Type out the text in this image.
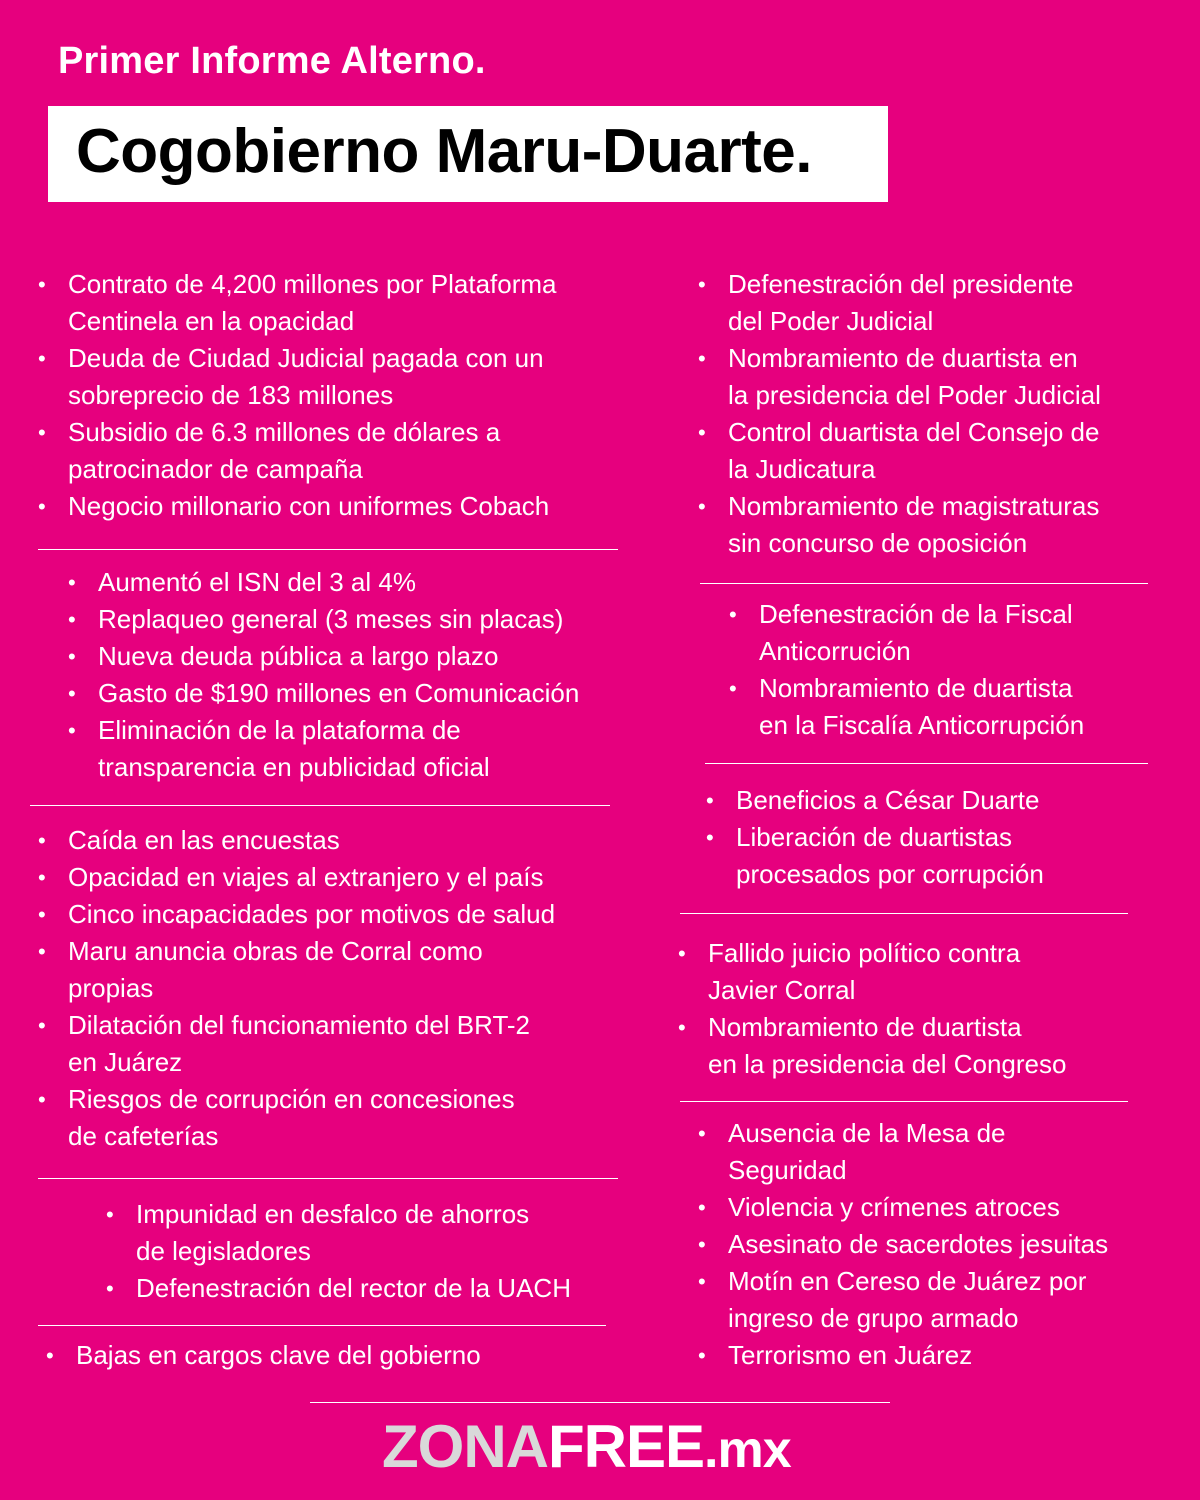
Primer Informe Alterno.
Cogobierno Maru-Duarte.
• Contrato de 4,200 millones por Plataforma
Centinela en la opacidad
• Deuda de Ciudad Judicial pagada con un
sobreprecio de 183 millones
• Subsidio de 6.3 millones de dólares a
patrocinador de campaña
• Negocio millonario con uniformes Cobach
• Aumentó el ISN del 3 al 4%
• Replaqueo general (3 meses sin placas)
• Nueva deuda pública a largo plazo
• Gasto de $190 millones en Comunicación
• Eliminación de la plataforma de
transparencia en publicidad oficial
• Caída en las encuestas
• Opacidad en viajes al extranjero y el país
• Cinco incapacidades por motivos de salud
• Maru anuncia obras de Corral como
propias
• Dilatación del funcionamiento del BRT-2
en Juárez
• Riesgos de corrupción en concesiones
de cafeterías
• Impunidad en desfalco de ahorros
de legisladores
• Defenestración del rector de la UACH
• Bajas en cargos clave del gobierno
• Defenestración del presidente
del Poder Judicial
• Nombramiento de duartista en
la presidencia del Poder Judicial
• Control duartista del Consejo de
la Judicatura
• Nombramiento de magistraturas
sin concurso de oposición
• Defenestración de la Fiscal
Anticorrución
• Nombramiento de duartista
en la Fiscalía Anticorrupción
• Beneficios a César Duarte
• Liberación de duartistas
procesados por corrupción
• Fallido juicio político contra
Javier Corral
• Nombramiento de duartista
en la presidencia del Congreso
• Ausencia de la Mesa de
Seguridad
• Violencia y crímenes atroces
• Asesinato de sacerdotes jesuitas
• Motín en Cereso de Juárez por
ingreso de grupo armado
• Terrorismo en Juárez
ZONAFREE.mx
